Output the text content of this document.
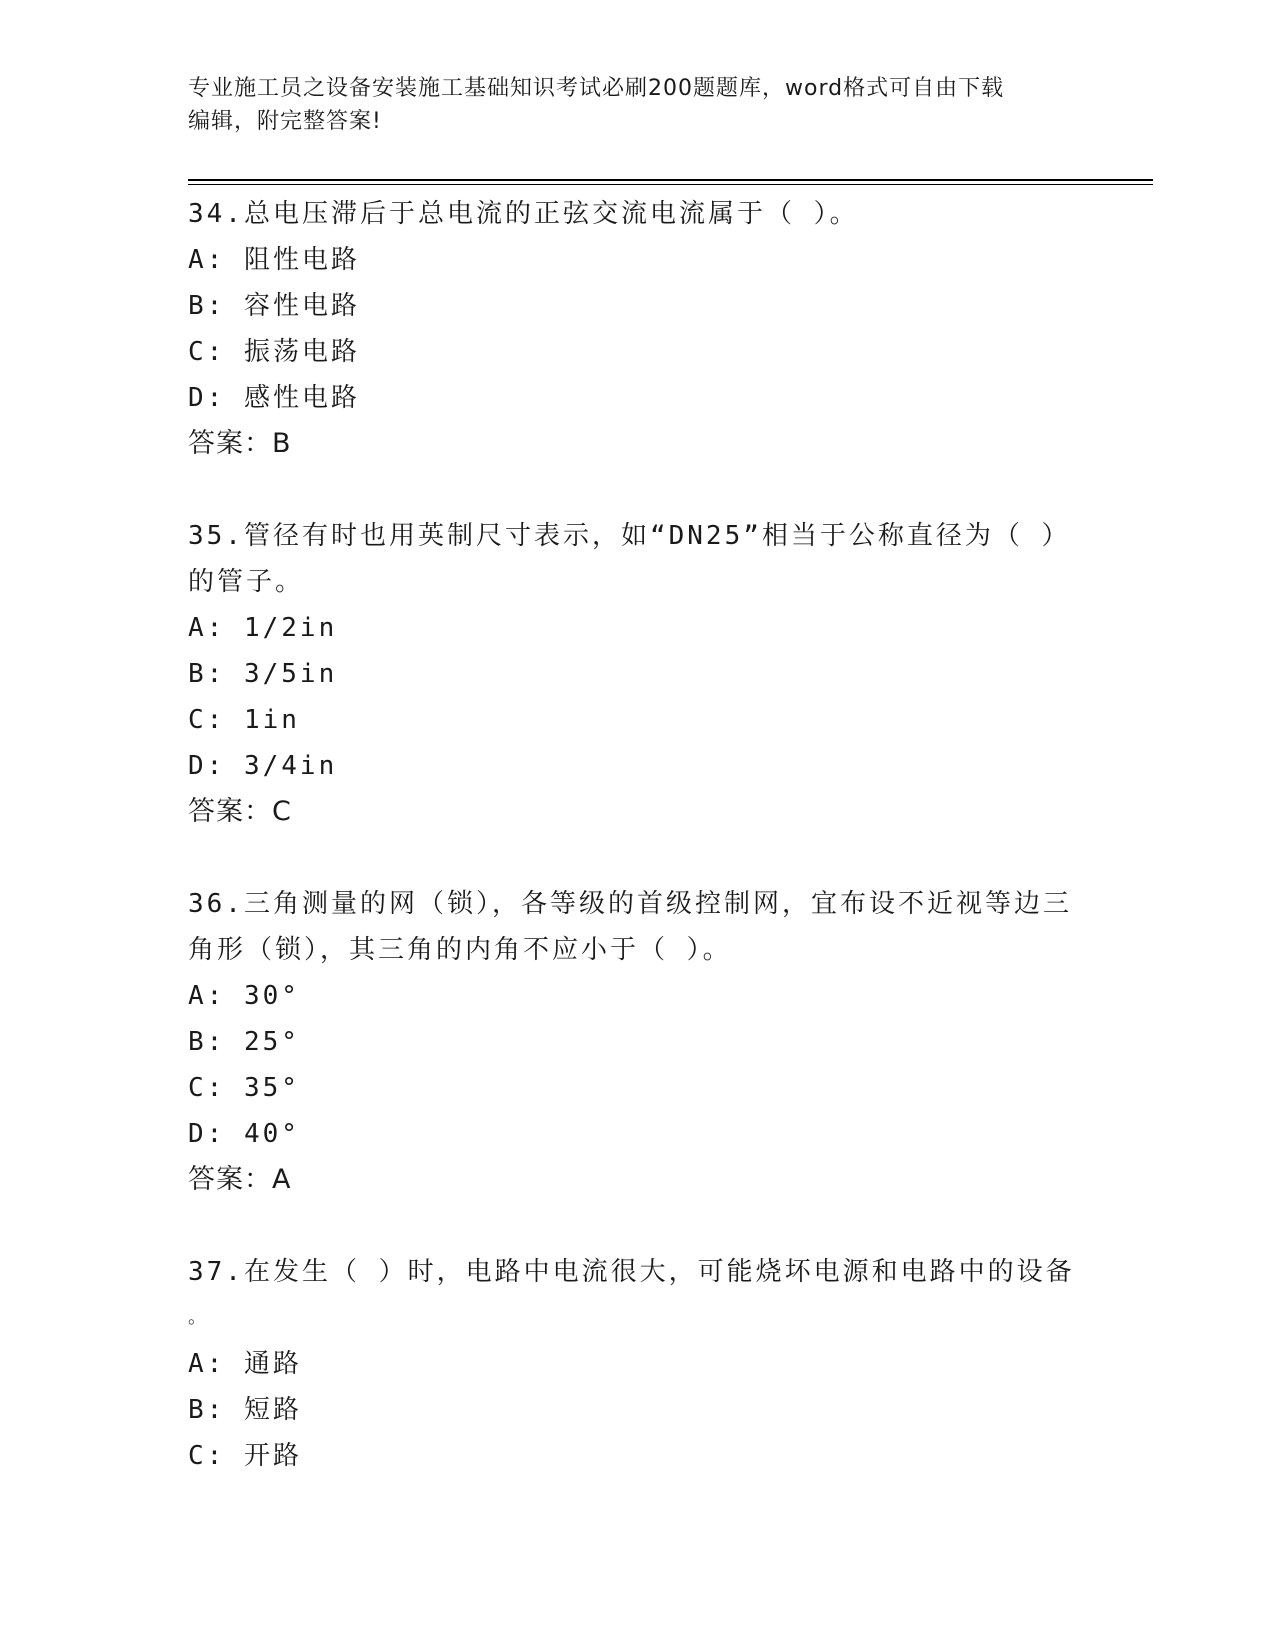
专业施工员之设备安装施工基础知识考试必刷200题题库，word格式可自由下载
编辑，附完整答案!
34.总电压滞后于总电流的正弦交流电流属于（ ）。
A: 阻性电路
B: 容性电路
C: 振荡电路
D: 感性电路
答案：B
35.管径有时也用英制尺寸表示，如“DN25”相当于公称直径为（ ）
的管子。
A: 1/2in
B: 3/5in
C: 1in
D: 3/4in
答案：C
36.三角测量的网（锁），各等级的首级控制网，宜布设不近视等边三
角形（锁），其三角的内角不应小于（ ）。
A: 30°
B: 25°
C: 35°
D: 40°
答案：A
37.在发生（ ）时，电路中电流很大，可能烧坏电源和电路中的设备
。
A: 通路
B: 短路
C: 开路
